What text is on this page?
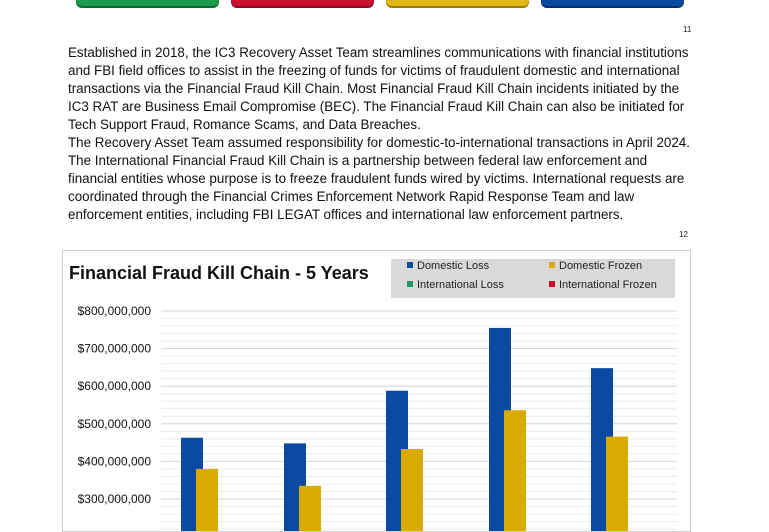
11

Established in 2018, the IC3 Recovery Asset Team streamlines communications with financial institutions and FBI field offices to assist in the freezing of funds for victims of fraudulent domestic and international transactions via the Financial Fraud Kill Chain. Most Financial Fraud Kill Chain incidents initiated by the IC3 RAT are Business Email Compromise (BEC). The Financial Fraud Kill Chain can also be initiated for Tech Support Fraud, Romance Scams, and Data Breaches.

The Recovery Asset Team assumed responsibility for domestic-to-international transactions in April 2024. The International Financial Fraud Kill Chain is a partnership between federal law enforcement and financial entities whose purpose is to freeze fraudulent funds wired by victims. International requests are coordinated through the Financial Crimes Enforcement Network Rapid Response Team and law enforcement entities, including FBI LEGAT offices and international law enforcement partners.

12
Financial Fraud Kill Chain - 5 Years	Domestic Loss	Domestic Frozen
International Loss	International Frozen
$800,000,000
$700,000,000
$600,000,000
$500,000,000
$400,000,000
$300,000,000
